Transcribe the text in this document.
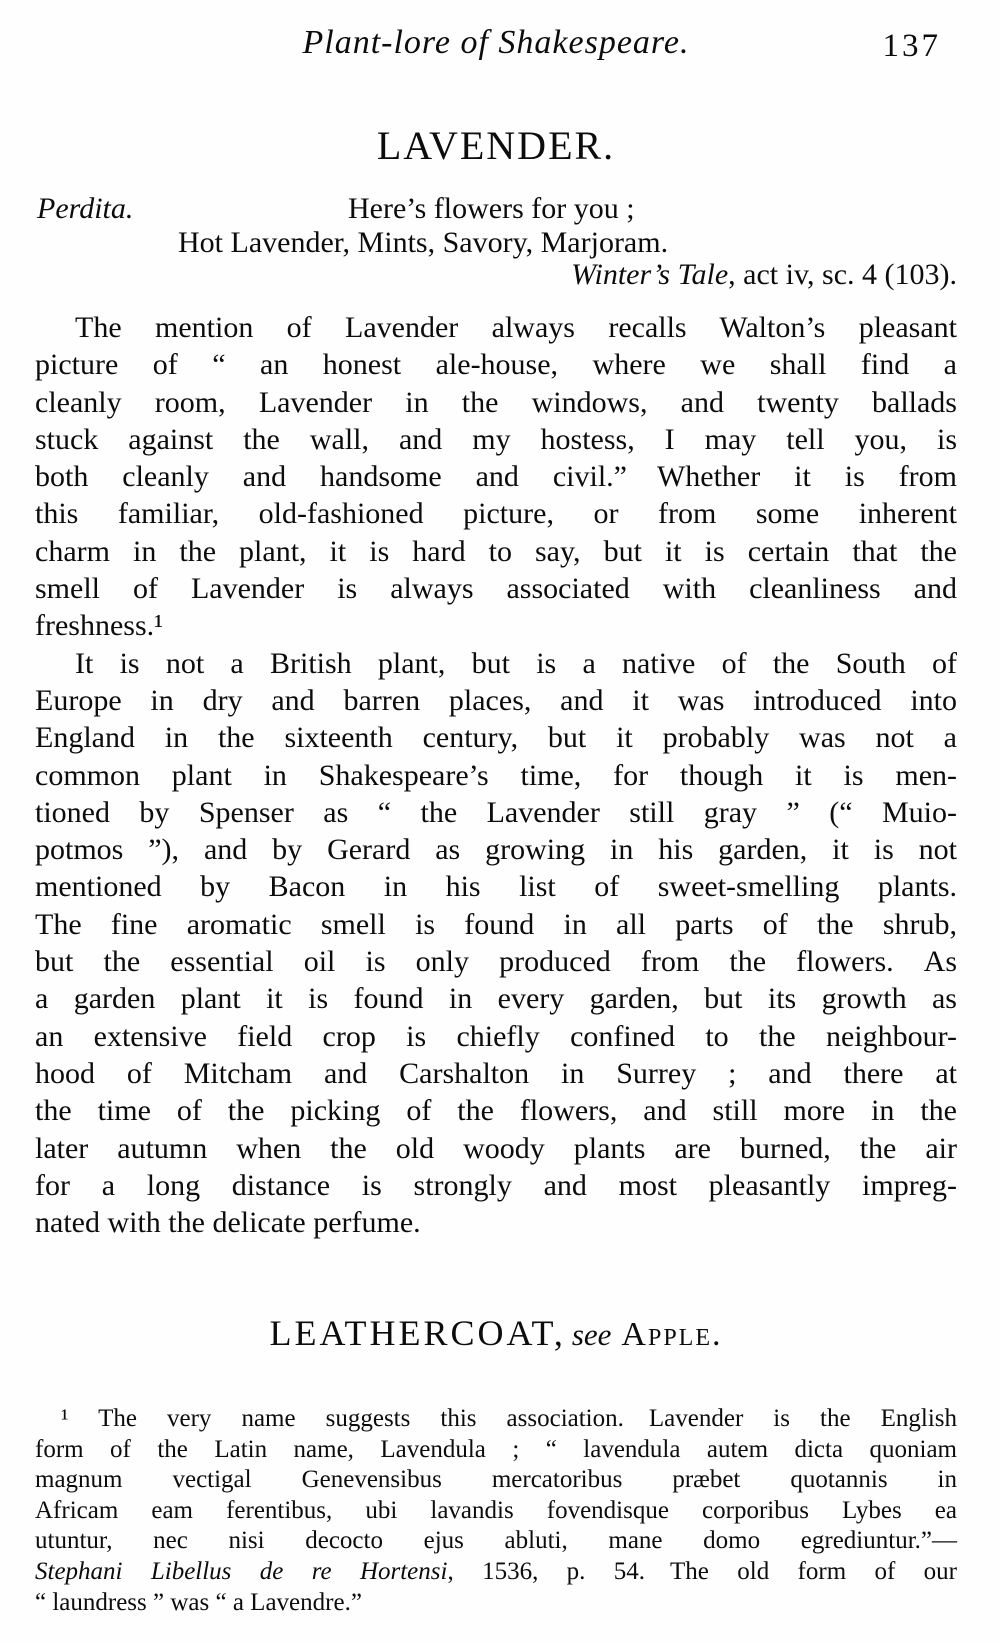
Plant-lore of Shakespeare.	137
LAVENDER.
Perdita.	Here’s flowers for you ;
Hot Lavender, Mints, Savory, Marjoram.
Winter’s Tale, act iv, sc. 4 (103).
The mention of Lavender always recalls Walton’s pleasant
picture of “ an honest ale-house, where we shall find a
cleanly room, Lavender in the windows, and twenty ballads
stuck against the wall, and my hostess, I may tell you, is
both cleanly and handsome and civil.” Whether it is from
this familiar, old-fashioned picture, or from some inherent
charm in the plant, it is hard to say, but it is certain that the
smell of Lavender is always associated with cleanliness and
freshness.¹
It is not a British plant, but is a native of the South of
Europe in dry and barren places, and it was introduced into
England in the sixteenth century, but it probably was not a
common plant in Shakespeare’s time, for though it is men-
tioned by Spenser as “ the Lavender still gray ” (“ Muio-
potmos ”), and by Gerard as growing in his garden, it is not
mentioned by Bacon in his list of sweet-smelling plants.
The fine aromatic smell is found in all parts of the shrub,
but the essential oil is only produced from the flowers. As
a garden plant it is found in every garden, but its growth as
an extensive field crop is chiefly confined to the neighbour-
hood of Mitcham and Carshalton in Surrey ; and there at
the time of the picking of the flowers, and still more in the
later autumn when the old woody plants are burned, the air
for a long distance is strongly and most pleasantly impreg-
nated with the delicate perfume.
LEATHERCOAT, see Apple.
¹ The very name suggests this association. Lavender is the English
form of the Latin name, Lavendula ; “ lavendula autem dicta quoniam
magnum vectigal Genevensibus mercatoribus præbet quotannis in
Africam eam ferentibus, ubi lavandis fovendisque corporibus Lybes ea
utuntur, nec nisi decocto ejus abluti, mane domo egrediuntur.”—
Stephani Libellus de re Hortensi, 1536, p. 54. The old form of our
“ laundress ” was “ a Lavendre.”
